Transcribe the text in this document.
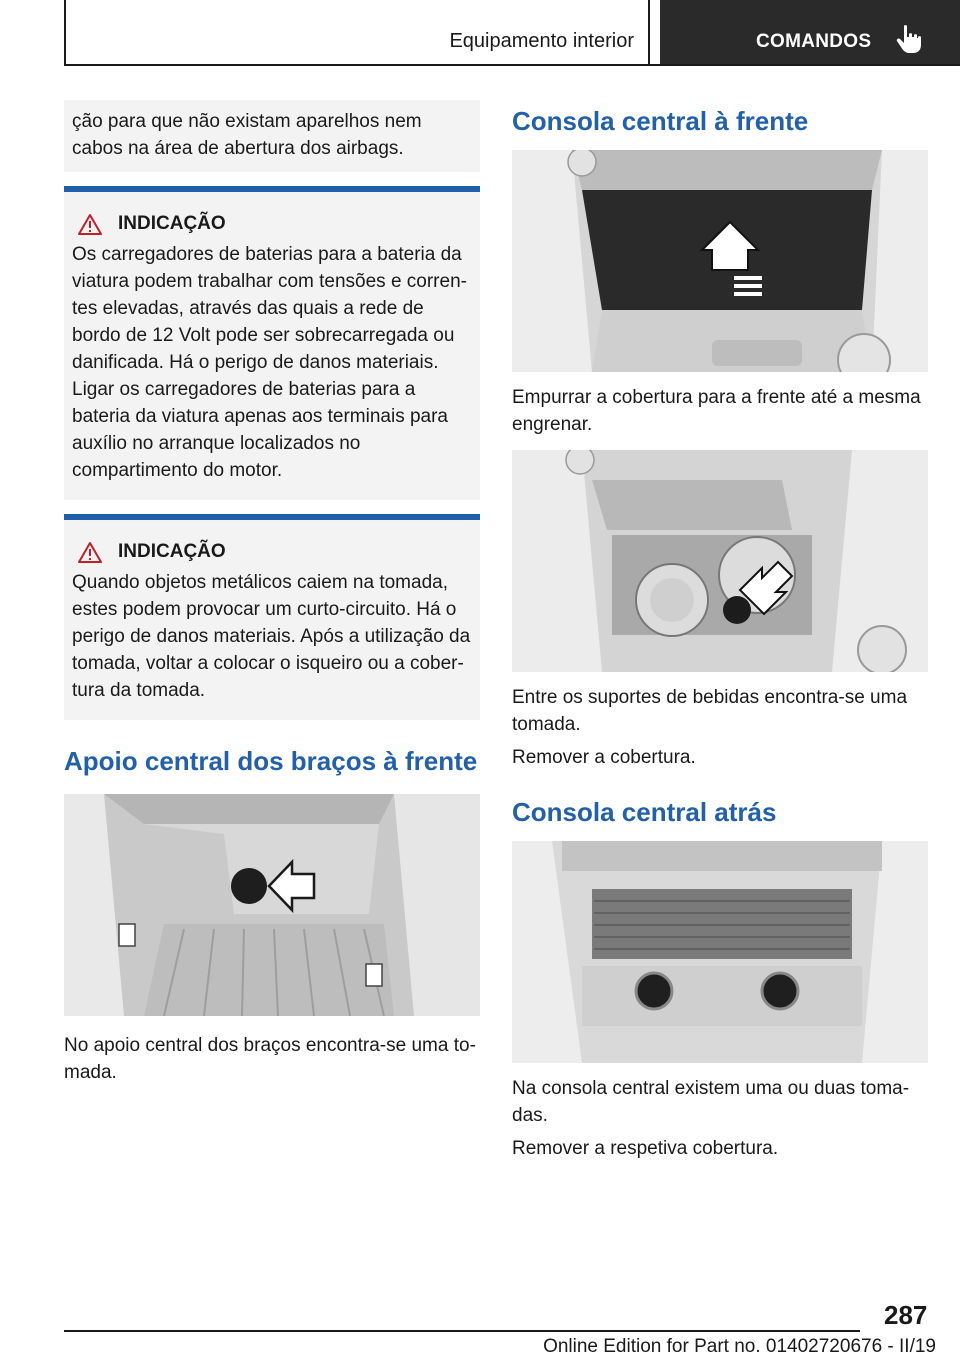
Equipamento interior	COMANDOS

ção para que não existam aparelhos nem cabos na área de abertura dos airbags.

INDICAÇÃO

Os carregadores de baterias para a bateria da viatura podem trabalhar com tensões e correntes elevadas, através das quais a rede de bordo de 12 Volt pode ser sobrecarregada ou danificada. Há o perigo de danos materiais. Ligar os carregadores de baterias para a bateria da viatura apenas aos terminais para auxílio no arranque localizados no compartimento do motor.

INDICAÇÃO

Quando objetos metálicos caiem na tomada, estes podem provocar um curto-circuito. Há o perigo de danos materiais. Após a utilização da tomada, voltar a colocar o isqueiro ou a cobertura da tomada.

Apoio central dos braços à frente

No apoio central dos braços encontra-se uma tomada.

Consola central à frente

Empurrar a cobertura para a frente até a mesma engrenar.

Entre os suportes de bebidas encontra-se uma tomada.

Remover a cobertura.

Consola central atrás

Na consola central existem uma ou duas tomadas.

Remover a respetiva cobertura.

287
Online Edition for Part no. 01402720676 - II/19
